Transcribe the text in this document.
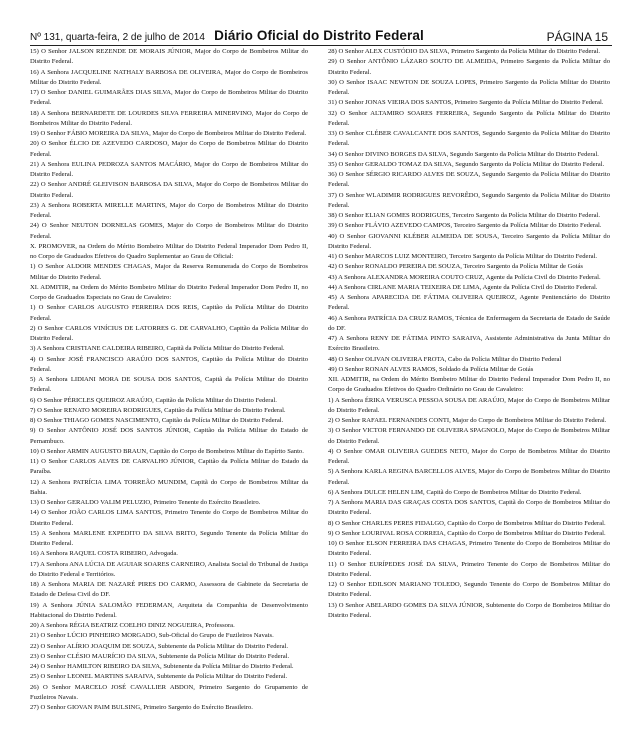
Nº 131, quarta-feira, 2 de julho de 2014 Diário Oficial do Distrito Federal	PÁGINA 15

15) O Senhor JALSON REZENDE DE MORAIS JÚNIOR, Major do Corpo de Bombeiros Militar do Distrito Federal.

16) A Senhora JACQUELINE NATHALY BARBOSA DE OLIVEIRA, Major do Corpo de Bombeiros Militar do Distrito Federal.

17) O Senhor DANIEL GUIMARÃES DIAS SILVA, Major do Corpo de Bombeiros Militar do Distrito Federal.

18) A Senhora BERNARDETE DE LOURDES SILVA FERREIRA MINERVINO, Major do Corpo de Bombeiros Militar do Distrito Federal.

19) O Senhor FÁBIO MOREIRA DA SILVA, Major do Corpo de Bombeiros Militar do Distrito Federal.

20) O Senhor ÉLCIO DE AZEVEDO CARDOSO, Major do Corpo de Bombeiros Militar do Distrito Federal.

21) A Senhora EULINA PEDROZA SANTOS MACÁRIO, Major do Corpo de Bombeiros Militar do Distrito Federal.

22) O Senhor ANDRÉ GLEIVISON BARBOSA DA SILVA, Major do Corpo de Bombeiros Militar do Distrito Federal.

23) A Senhora ROBERTA MIRELLE MARTINS, Major do Corpo de Bombeiros Militar do Distrito Federal.

24) O Senhor NEUTON DORNELAS GOMES, Major do Corpo de Bombeiros Militar do Distrito Federal.

X. PROMOVER, na Ordem do Mérito Bombeiro Militar do Distrito Federal Imperador Dom Pedro II, no Corpo de Graduados Efetivos do Quadro Suplementar ao Grau de Oficial:

1) O Senhor ALDOIR MENDES CHAGAS, Major da Reserva Remunerada do Corpo de Bombeiros Militar do Distrito Federal.

XI. ADMITIR, na Ordem do Mérito Bombeiro Militar do Distrito Federal Imperador Dom Pedro II, no Corpo de Graduados Especiais no Grau de Cavaleiro:

1) O Senhor CARLOS AUGUSTO FERREIRA DOS REIS, Capitão da Polícia Militar do Distrito Federal.

2) O Senhor CARLOS VINÍCIUS DE LATORRES G. DE CARVALHO, Capitão da Polícia Militar do Distrito Federal.

3) A Senhora CRISTIANE CALDEIRA RIBEIRO, Capitã da Polícia Militar do Distrito Federal.

4) O Senhor JOSÉ FRANCISCO ARAÚJO DOS SANTOS, Capitão da Polícia Militar do Distrito Federal.

5) A Senhora LIDIANI MORA DE SOUSA DOS SANTOS, Capitã da Polícia Militar do Distrito Federal.

6) O Senhor PÉRICLES QUEIROZ ARAÚJO, Capitão da Polícia Militar do Distrito Federal.

7) O Senhor RENATO MOREIRA RODRIGUES, Capitão da Polícia Militar do Distrito Federal.

8) O Senhor THIAGO GOMES NASCIMENTO, Capitão da Polícia Militar do Distrito Federal.

9) O Senhor ANTÔNIO JOSÉ DOS SANTOS JÚNIOR, Capitão da Polícia Militar do Estado de Pernambuco.

10) O Senhor ARMIN AUGUSTO BRAUN, Capitão do Corpo de Bombeiros Militar do Espírito Santo.

11) O Senhor CARLOS ALVES DE CARVALHO JÚNIOR, Capitão da Polícia Militar do Estado da Paraíba.

12) A Senhora PATRÍCIA LIMA TORREÃO MUNDIM, Capitã do Corpo de Bombeiros Militar da Bahia.

13) O Senhor GERALDO VALIM PELUZIO, Primeiro Tenente do Exército Brasileiro.

14) O Senhor JOÃO CARLOS LIMA SANTOS, Primeiro Tenente do Corpo de Bombeiros Militar do Distrito Federal.

15) A Senhora MARLENE EXPEDITO DA SILVA BRITO, Segundo Tenente da Polícia Militar do Distrito Federal.

16) A Senhora RAQUEL COSTA RIBEIRO, Advogada.

17) A Senhora ANA LÚCIA DE AGUIAR SOARES CARNEIRO, Analista Social do Tribunal de Justiça do Distrito Federal e Territórios.

18) A Senhora MARIA DE NAZARÉ PIRES DO CARMO, Assessora de Gabinete da Secretaria de Estado de Defesa Civil do DF.

19) A Senhora JÚNIA SALOMÃO FEDERMAN, Arquiteta da Companhia de Desenvolvimento Habitacional do Distrito Federal.

20) A Senhora RÉGIA BEATRIZ COELHO DINIZ NOGUEIRA, Professora.

21) O Senhor LÚCIO PINHEIRO MORGADO, Sub-Oficial do Grupo de Fuzileiros Navais.

22) O Senhor ALÍRIO JOAQUIM DE SOUZA, Subtenente da Polícia Militar do Distrito Federal.

23) O Senhor CLÉSIO MAURÍCIO DA SILVA, Subtenente da Polícia Militar do Distrito Federal.

24) O Senhor HAMILTON RIBEIRO DA SILVA, Subtenente da Polícia Militar do Distrito Federal.

25) O Senhor LEONEL MARTINS SARAIVA, Subtenente da Polícia Militar do Distrito Federal.

26) O Senhor MARCELO JOSÉ CAVALLIER ABDON, Primeiro Sargento do Grupamento de Fuzileiros Navais.

27) O Senhor GIOVAN PAIM BULSING, Primeiro Sargento do Exército Brasileiro.

28) O Senhor ALEX CUSTÓDIO DA SILVA, Primeiro Sargento da Polícia Militar do Distrito Federal.

29) O Senhor ANTÔNIO LÁZARO SOUTO DE ALMEIDA, Primeiro Sargento da Polícia Militar do Distrito Federal.

30) O Senhor ISAAC NEWTON DE SOUZA LOPES, Primeiro Sargento da Polícia Militar do Distrito Federal.

31) O Senhor JONAS VIEIRA DOS SANTOS, Primeiro Sargento da Polícia Militar do Distrito Federal.

32) O Senhor ALTAMIRO SOARES FERREIRA, Segundo Sargento da Polícia Militar do Distrito Federal.

33) O Senhor CLÉBER CAVALCANTE DOS SANTOS, Segundo Sargento da Polícia Militar do Distrito Federal.

34) O Senhor DIVINO BORGES DA SILVA, Segundo Sargento da Polícia Militar do Distrito Federal.

35) O Senhor GERALDO TOMAZ DA SILVA, Segundo Sargento da Polícia Militar do Distrito Federal.

36) O Senhor SÉRGIO RICARDO ALVES DE SOUZA, Segundo Sargento da Polícia Militar do Distrito Federal.

37) O Senhor WLADIMIR RODRIGUES REVORÊDO, Segundo Sargento da Polícia Militar do Distrito Federal.

38) O Senhor ELIAN GOMES RODRIGUES, Terceiro Sargento da Polícia Militar do Distrito Federal.

39) O Senhor FLÁVIO AZEVEDO CAMPOS, Terceiro Sargento da Polícia Militar do Distrito Federal.

40) O Senhor GIOVANNI KLÉBER ALMEIDA DE SOUSA, Terceiro Sargento da Polícia Militar do Distrito Federal.

41) O Senhor MARCOS LUIZ MONTEIRO, Terceiro Sargento da Polícia Militar do Distrito Federal.

42) O Senhor RONALDO PEREIRA DE SOUZA, Terceiro Sargento da Polícia Militar de Goiás

43) A Senhora ALEXANDRA MOREIRA COUTO CRUZ, Agente da Polícia Civil do Distrito Federal.

44) A Senhora CIRLANE MARIA TEIXEIRA DE LIMA, Agente da Polícia Civil do Distrito Federal.

45) A Senhora APARECIDA DE FÁTIMA OLIVEIRA QUEIROZ, Agente Penitenciário do Distrito Federal.

46) A Senhora PATRÍCIA DA CRUZ RAMOS, Técnica de Enfermagem da Secretaria de Estado de Saúde do DF.

47) A Senhora RENY DE FÁTIMA PINTO SARAIVA, Assistente Administrativa da Junta Militar do Exército Brasileiro.

48) O Senhor OLIVAN OLIVEIRA FROTA, Cabo da Polícia Militar do Distrito Federal

49) O Senhor RONAN ALVES RAMOS, Soldado da Polícia Militar de Goiás

XII. ADMITIR, na Ordem do Mérito Bombeiro Militar do Distrito Federal Imperador Dom Pedro II, no Corpo de Graduados Efetivos do Quadro Ordinário no Grau de Cavaleiro:

1) A Senhora ÉRIKA VERUSCA PESSOA SOUSA DE ARAÚJO, Major do Corpo de Bombeiros Militar do Distrito Federal.

2) O Senhor RAFAEL FERNANDES CONTI, Major do Corpo de Bombeiros Militar do Distrito Federal.

3) O Senhor VICTOR FERNANDO DE OLIVEIRA SPAGNOLO, Major do Corpo de Bombeiros Militar do Distrito Federal.

4) O Senhor OMAR OLIVEIRA GUEDES NETO, Major do Corpo de Bombeiros Militar do Distrito Federal.

5) A Senhora KARLA REGINA BARCELLOS ALVES, Major do Corpo de Bombeiros Militar do Distrito Federal.

6) A Senhora DULCE HELEN LIM, Capitã do Corpo de Bombeiros Militar do Distrito Federal.

7) A Senhora MARIA DAS GRAÇAS COSTA DOS SANTOS, Capitã do Corpo de Bombeiros Militar do Distrito Federal.

8) O Senhor CHARLES PERES FIDALGO, Capitão do Corpo de Bombeiros Militar do Distrito Federal.

9) O Senhor LOURIVAL ROSA CORREIA, Capitão do Corpo de Bombeiros Militar do Distrito Federal.

10) O Senhor ELSON FERREIRA DAS CHAGAS, Primeiro Tenente do Corpo de Bombeiros Militar do Distrito Federal.

11) O Senhor EURÍPEDES JOSÉ DA SILVA, Primeiro Tenente do Corpo de Bombeiros Militar do Distrito Federal.

12) O Senhor EDILSON MARIANO TOLEDO, Segundo Tenente do Corpo de Bombeiros Militar do Distrito Federal.

13) O Senhor ABELARDO GOMES DA SILVA JÚNIOR, Subtenente do Corpo de Bombeiros Militar do Distrito Federal.
